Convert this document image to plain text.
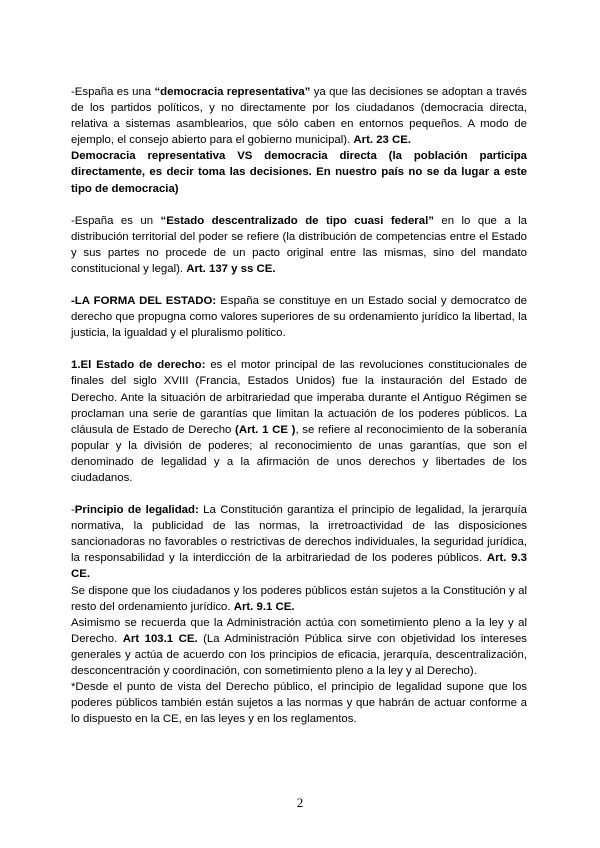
-España es una “democracia representativa” ya que las decisiones se adoptan a través de los partidos políticos, y no directamente por los ciudadanos (democracia directa, relativa a sistemas asamblearios, que sólo caben en entornos pequeños. A modo de ejemplo, el consejo abierto para el gobierno municipal). Art. 23 CE.

Democracia representativa VS democracia directa (la población participa directamente, es decir toma las decisiones. En nuestro país no se da lugar a este tipo de democracia)

-España es un “Estado descentralizado de tipo cuasi federal” en lo que a la distribución territorial del poder se refiere (la distribución de competencias entre el Estado y sus partes no procede de un pacto original entre las mismas, sino del mandato constitucional y legal). Art. 137 y ss CE.

-LA FORMA DEL ESTADO: España se constituye en un Estado social y democratco de derecho que propugna como valores superiores de su ordenamiento jurídico la libertad, la justicia, la igualdad y el pluralismo político.

1.El Estado de derecho: es el motor principal de las revoluciones constitucionales de finales del siglo XVIII (Francia, Estados Unidos) fue la instauración del Estado de Derecho. Ante la situación de arbitrariedad que imperaba durante el Antiguo Régimen se proclaman una serie de garantías que limitan la actuación de los poderes públicos. La cláusula de Estado de Derecho (Art. 1 CE ), se refiere al reconocimiento de la soberanía popular y la división de poderes; al reconocimiento de unas garantías, que son el denominado de legalidad y a la afirmación de unos derechos y libertades de los ciudadanos.

-Principio de legalidad: La Constitución garantiza el principio de legalidad, la jerarquía normativa, la publicidad de las normas, la irretroactividad de las disposiciones sancionadoras no favorables o restrictivas de derechos individuales, la seguridad jurídica, la responsabilidad y la interdicción de la arbitrariedad de los poderes públicos. Art. 9.3 CE.

Se dispone que los ciudadanos y los poderes públicos están sujetos a la Constitución y al resto del ordenamiento jurídico. Art. 9.1 CE.

Asimismo se recuerda que la Administración actúa con sometimiento pleno a la ley y al Derecho. Art 103.1 CE. (La Administración Pública sirve con objetividad los intereses generales y actúa de acuerdo con los principios de eficacia, jerarquía, descentralización, desconcentración y coordinación, con sometimiento pleno a la ley y al Derecho).

*Desde el punto de vista del Derecho público, el principio de legalidad supone que los poderes públicos también están sujetos a las normas y que habrán de actuar conforme a lo dispuesto en la CE, en las leyes y en los reglamentos.

2
